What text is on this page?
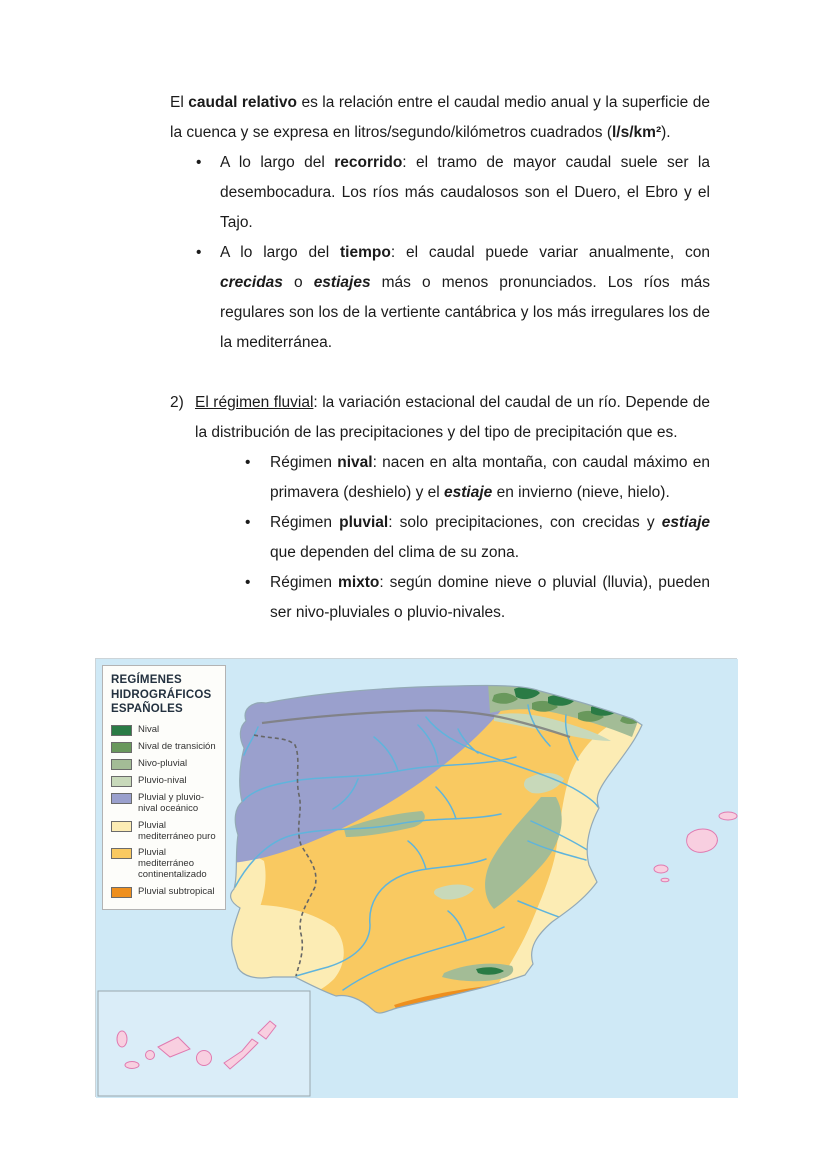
El caudal relativo es la relación entre el caudal medio anual y la superficie de la cuenca y se expresa en litros/segundo/kilómetros cuadrados (l/s/km²).

•	A lo largo del recorrido: el tramo de mayor caudal suele ser la desembocadura. Los ríos más caudalosos son el Duero, el Ebro y el Tajo.

•	A lo largo del tiempo: el caudal puede variar anualmente, con crecidas o estiajes más o menos pronunciados. Los ríos más regulares son los de la vertiente cantábrica y los más irregulares los de la mediterránea.

2) El régimen fluvial: la variación estacional del caudal de un río. Depende de la distribución de las precipitaciones y del tipo de precipitación que es.

•	Régimen nival: nacen en alta montaña, con caudal máximo en primavera (deshielo) y el estiaje en invierno (nieve, hielo).

•	Régimen pluvial: solo precipitaciones, con crecidas y estiaje que dependen del clima de su zona.

•	Régimen mixto: según domine nieve o pluvial (lluvia), pueden ser nivo-pluviales o pluvio-nivales.

REGÍMENES HIDROGRÁFICOS ESPAÑOLES
Nival
Nival de transición
Nivo-pluvial
Pluvio-nival
Pluvial y pluvio-nival oceánico
Pluvial mediterráneo puro
Pluvial mediterráneo continentalizado
Pluvial subtropical
